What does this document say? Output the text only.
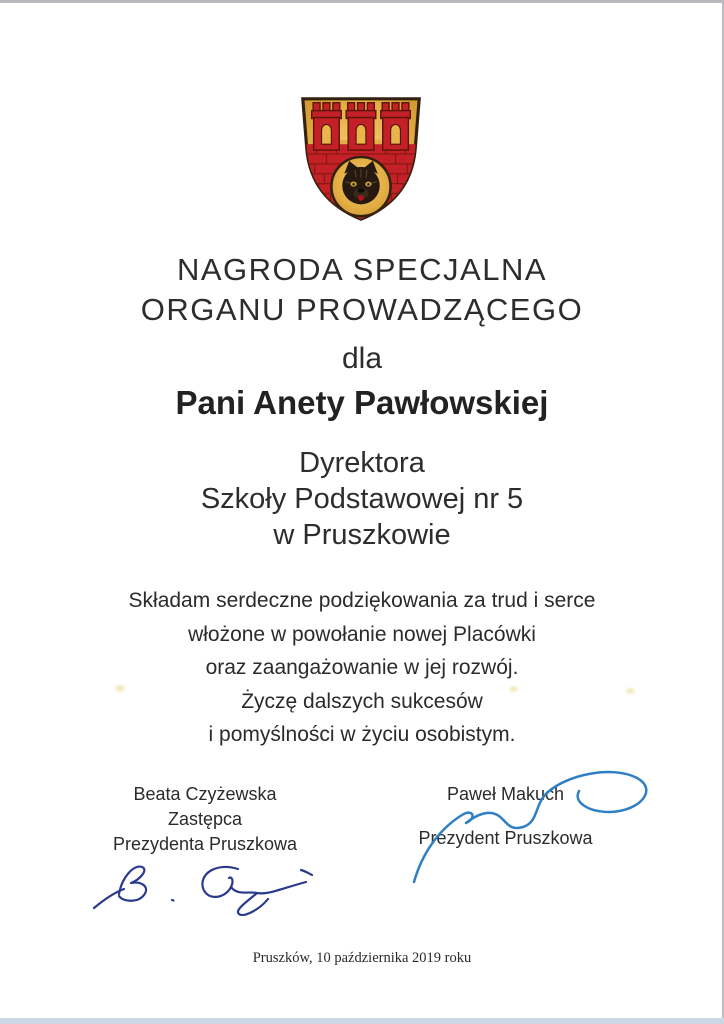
NAGRODA SPECJALNA
ORGANU PROWADZĄCEGO
dla
Pani Anety Pawłowskiej
Dyrektora
Szkoły Podstawowej nr 5
w Pruszkowie
Składam serdeczne podziękowania za trud i serce
włożone w powołanie nowej Placówki
oraz zaangażowanie w jej rozwój.
Życzę dalszych sukcesów
i pomyślności w życiu osobistym.
Beata Czyżewska
Zastępca
Prezydenta Pruszkowa
Paweł Makuch
Prezydent Pruszkowa
Pruszków, 10 października 2019 roku
